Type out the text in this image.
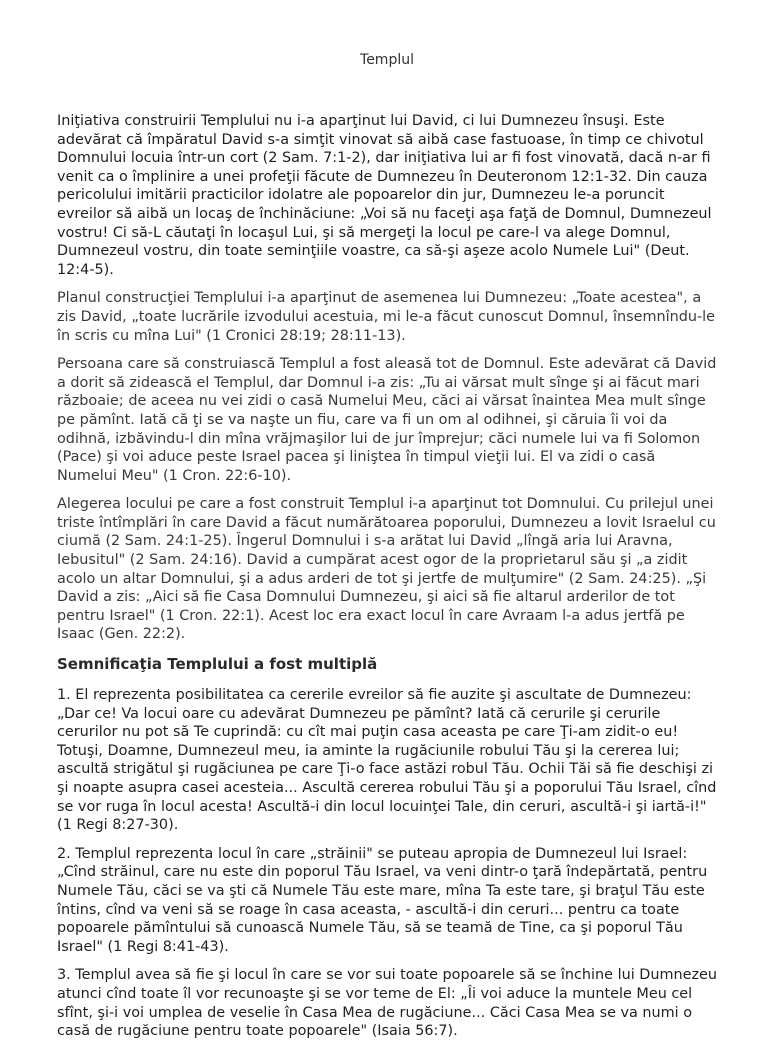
Templul

Iniţiativa construirii Templului nu i-a aparţinut lui David, ci lui Dumnezeu însuşi. Este adevărat că împăratul David s-a simţit vinovat să aibă case fastuoase, în timp ce chivotul Domnului locuia într-un cort (2 Sam. 7:1-2), dar iniţiativa lui ar fi fost vinovată, dacă n-ar fi venit ca o împlinire a unei profeţii făcute de Dumnezeu în Deuteronom 12:1-32. Din cauza pericolului imitării practicilor idolatre ale popoarelor din jur, Dumnezeu le-a poruncit evreilor să aibă un locaş de închinăciune: „Voi să nu faceţi aşa faţă de Domnul, Dumnezeul vostru! Ci să-L căutaţi în locaşul Lui, şi să mergeţi la locul pe care-l va alege Domnul, Dumnezeul vostru, din toate seminţiile voastre, ca să-şi aşeze acolo Numele Lui" (Deut. 12:4-5).

Planul construcţiei Templului i-a aparţinut de asemenea lui Dumnezeu: „Toate acestea", a zis David, „toate lucrările izvodului acestuia, mi le-a făcut cunoscut Domnul, însemnîndu-le în scris cu mîna Lui" (1 Cronici 28:19; 28:11-13).

Persoana care să construiască Templul a fost aleasă tot de Domnul. Este adevărat că David a dorit să zidească el Templul, dar Domnul i-a zis: „Tu ai vărsat mult sînge şi ai făcut mari războaie; de aceea nu vei zidi o casă Numelui Meu, căci ai vărsat înaintea Mea mult sînge pe pămînt. Iată că ţi se va naşte un fiu, care va fi un om al odihnei, şi căruia îi voi da odihnă, izbăvindu-l din mîna vrăjmaşilor lui de jur împrejur; căci numele lui va fi Solomon (Pace) şi voi aduce peste Israel pacea şi liniştea în timpul vieţii lui. El va zidi o casă Numelui Meu" (1 Cron. 22:6-10).

Alegerea locului pe care a fost construit Templul i-a aparţinut tot Domnului. Cu prilejul unei triste întîmplări în care David a făcut numărătoarea poporului, Dumnezeu a lovit Israelul cu ciumă (2 Sam. 24:1-25). Îngerul Domnului i s-a arătat lui David „lîngă aria lui Aravna, Iebusitul" (2 Sam. 24:16). David a cumpărat acest ogor de la proprietarul său şi „a zidit acolo un altar Domnului, şi a adus arderi de tot şi jertfe de mulţumire" (2 Sam. 24:25). „Şi David a zis: „Aici să fie Casa Domnului Dumnezeu, şi aici să fie altarul arderilor de tot pentru Israel" (1 Cron. 22:1). Acest loc era exact locul în care Avraam l-a adus jertfă pe Isaac (Gen. 22:2).

Semnificaţia Templului a fost multiplă

1. El reprezenta posibilitatea ca cererile evreilor să fie auzite şi ascultate de Dumnezeu: „Dar ce! Va locui oare cu adevărat Dumnezeu pe pămînt? Iată că cerurile şi cerurile cerurilor nu pot să Te cuprindă: cu cît mai puţin casa aceasta pe care Ţi-am zidit-o eu! Totuşi, Doamne, Dumnezeul meu, ia aminte la rugăciunile robului Tău şi la cererea lui; ascultă strigătul şi rugăciunea pe care Ţi-o face astăzi robul Tău. Ochii Tăi să fie deschişi zi şi noapte asupra casei acesteia... Ascultă cererea robului Tău şi a poporului Tău Israel, cînd se vor ruga în locul acesta! Ascultă-i din locul locuinţei Tale, din ceruri, ascultă-i şi iartă-i!" (1 Regi 8:27-30).

2. Templul reprezenta locul în care „străinii" se puteau apropia de Dumnezeul lui Israel: „Cînd străinul, care nu este din poporul Tău Israel, va veni dintr-o ţară îndepărtată, pentru Numele Tău, căci se va şti că Numele Tău este mare, mîna Ta este tare, şi braţul Tău este întins, cînd va veni să se roage în casa aceasta, - ascultă-i din ceruri... pentru ca toate popoarele pămîntului să cunoască Numele Tău, să se teamă de Tine, ca şi poporul Tău Israel" (1 Regi 8:41-43).

3. Templul avea să fie şi locul în care se vor sui toate popoarele să se închine lui Dumnezeu atunci cînd toate îl vor recunoaşte şi se vor teme de El: „Îi voi aduce la muntele Meu cel sfînt, şi-i voi umplea de veselie în Casa Mea de rugăciune... Căci Casa Mea se va numi o casă de rugăciune pentru toate popoarele" (Isaia 56:7).
